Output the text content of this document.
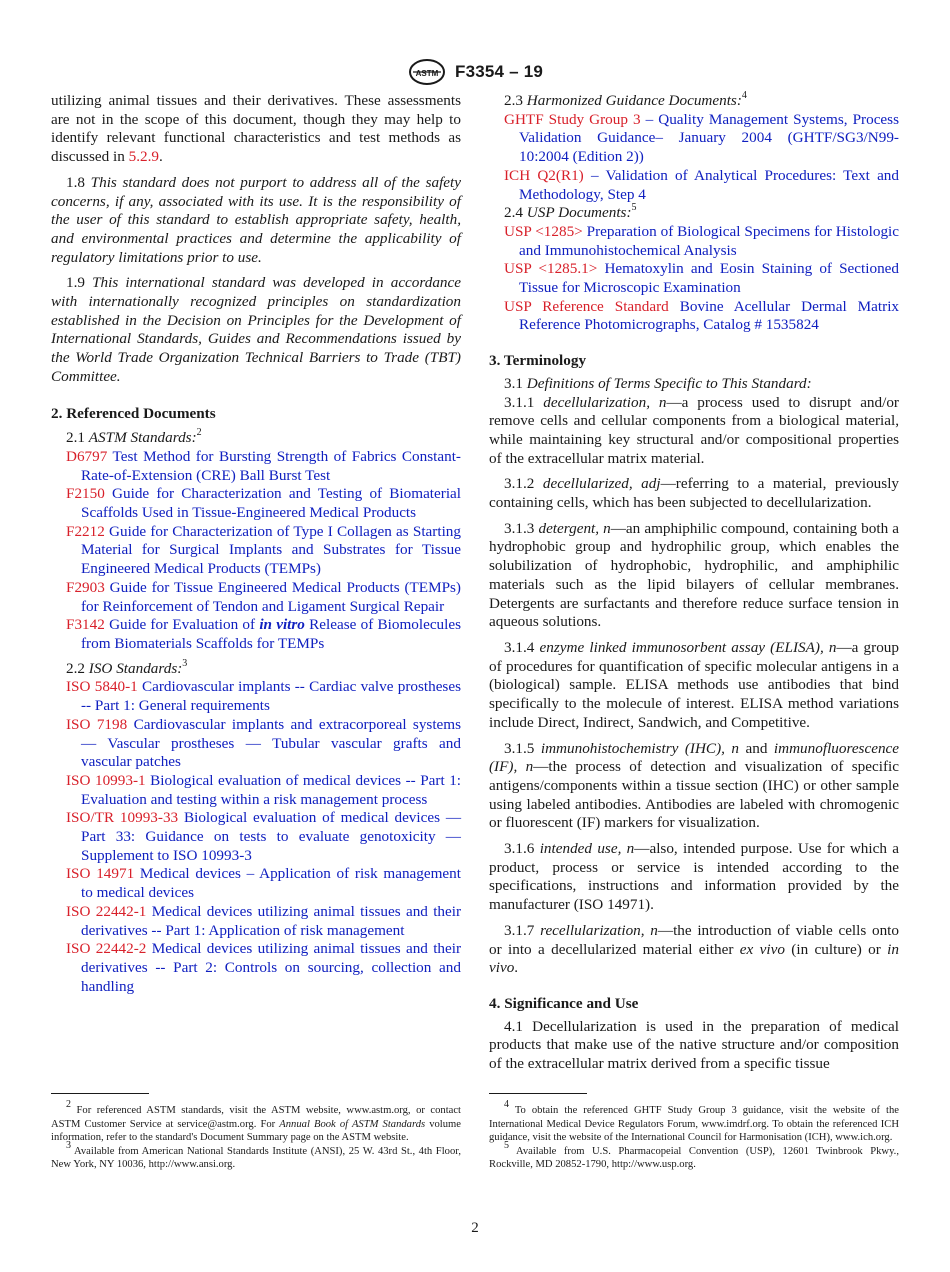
ASTM F3354 – 19

utilizing animal tissues and their derivatives. These assessments are not in the scope of this document, though they may help to identify relevant functional characteristics and test methods as discussed in 5.2.9.

1.8 This standard does not purport to address all of the safety concerns, if any, associated with its use. It is the responsibility of the user of this standard to establish appropriate safety, health, and environmental practices and determine the applicability of regulatory limitations prior to use.

1.9 This international standard was developed in accordance with internationally recognized principles on standardization established in the Decision on Principles for the Development of International Standards, Guides and Recommendations issued by the World Trade Organization Technical Barriers to Trade (TBT) Committee.

2. Referenced Documents

2.1 ASTM Standards:$^2$

D6797 Test Method for Bursting Strength of Fabrics Constant-Rate-of-Extension (CRE) Ball Burst Test

F2150 Guide for Characterization and Testing of Biomaterial Scaffolds Used in Tissue-Engineered Medical Products

F2212 Guide for Characterization of Type I Collagen as Starting Material for Surgical Implants and Substrates for Tissue Engineered Medical Products (TEMPs)

F2903 Guide for Tissue Engineered Medical Products (TEMPs) for Reinforcement of Tendon and Ligament Surgical Repair

F3142 Guide for Evaluation of in vitro Release of Biomolecules from Biomaterials Scaffolds for TEMPs

2.2 ISO Standards:$^3$

ISO 5840-1 Cardiovascular implants -- Cardiac valve prostheses -- Part 1: General requirements

ISO 7198 Cardiovascular implants and extracorporeal systems — Vascular prostheses — Tubular vascular grafts and vascular patches

ISO 10993-1 Biological evaluation of medical devices -- Part 1: Evaluation and testing within a risk management process

ISO/TR 10993-33 Biological evaluation of medical devices — Part 33: Guidance on tests to evaluate genotoxicity — Supplement to ISO 10993-3

ISO 14971 Medical devices – Application of risk management to medical devices

ISO 22442-1 Medical devices utilizing animal tissues and their derivatives -- Part 1: Application of risk management

ISO 22442-2 Medical devices utilizing animal tissues and their derivatives -- Part 2: Controls on sourcing, collection and handling

2.3 Harmonized Guidance Documents:$^4$

GHTF Study Group 3 – Quality Management Systems, Process Validation Guidance– January 2004 (GHTF/SG3/N99-10:2004 (Edition 2))

ICH Q2(R1) – Validation of Analytical Procedures: Text and Methodology, Step 4

2.4 USP Documents:$^5$

USP <1285> Preparation of Biological Specimens for Histologic and Immunohistochemical Analysis

USP <1285.1> Hematoxylin and Eosin Staining of Sectioned Tissue for Microscopic Examination

USP Reference Standard Bovine Acellular Dermal Matrix Reference Photomicrographs, Catalog # 1535824

3. Terminology

3.1 Definitions of Terms Specific to This Standard:

3.1.1 decellularization, n—a process used to disrupt and/or remove cells and cellular components from a biological material, while maintaining key structural and/or compositional properties of the extracellular matrix material.

3.1.2 decellularized, adj—referring to a material, previously containing cells, which has been subjected to decellularization.

3.1.3 detergent, n—an amphiphilic compound, containing both a hydrophobic group and hydrophilic group, which enables the solubilization of hydrophobic, hydrophilic, and amphiphilic materials such as the lipid bilayers of cellular membranes. Detergents are surfactants and therefore reduce surface tension in aqueous solutions.

3.1.4 enzyme linked immunosorbent assay (ELISA), n—a group of procedures for quantification of specific molecular antigens in a (biological) sample. ELISA methods use antibodies that bind specifically to the molecule of interest. ELISA method variations include Direct, Indirect, Sandwich, and Competitive.

3.1.5 immunohistochemistry (IHC), n and immunofluorescence (IF), n—the process of detection and visualization of specific antigens/components within a tissue section (IHC) or other sample using labeled antibodies. Antibodies are labeled with chromogenic or fluorescent (IF) markers for visualization.

3.1.6 intended use, n—also, intended purpose. Use for which a product, process or service is intended according to the specifications, instructions and information provided by the manufacturer (ISO 14971).

3.1.7 recellularization, n—the introduction of viable cells onto or into a decellularized material either ex vivo (in culture) or in vivo.

4. Significance and Use

4.1 Decellularization is used in the preparation of medical products that make use of the native structure and/or composition of the extracellular matrix derived from a specific tissue

$^2$ For referenced ASTM standards, visit the ASTM website, www.astm.org, or contact ASTM Customer Service at service@astm.org. For Annual Book of ASTM Standards volume information, refer to the standard's Document Summary page on the ASTM website.

$^3$ Available from American National Standards Institute (ANSI), 25 W. 43rd St., 4th Floor, New York, NY 10036, http://www.ansi.org.

$^4$ To obtain the referenced GHTF Study Group 3 guidance, visit the website of the International Medical Device Regulators Forum, www.imdrf.org. To obtain the referenced ICH guidance, visit the website of the International Council for Harmonisation (ICH), www.ich.org.

$^5$ Available from U.S. Pharmacopeial Convention (USP), 12601 Twinbrook Pkwy., Rockville, MD 20852-1790, http://www.usp.org.

2
